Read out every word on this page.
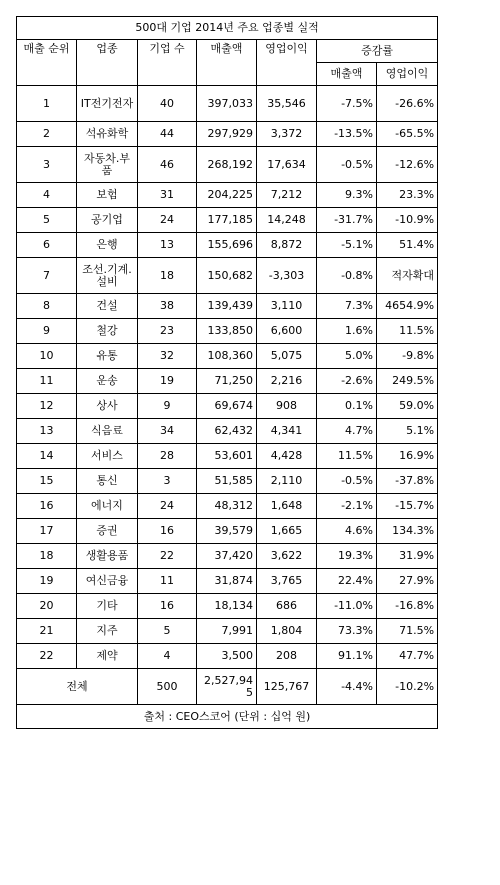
500대 기업 2014년 주요 업종별 실적						
매출 순위	업종	기업 수	매출액	영업이익	증감률	
					매출액	영업이익
1	IT전기전자	40	397,033	35,546	-7.5%	-26.6%
2	석유화학	44	297,929	3,372	-13.5%	-65.5%
3	자동차.부품	46	268,192	17,634	-0.5%	-12.6%
4	보험	31	204,225	7,212	9.3%	23.3%
5	공기업	24	177,185	14,248	-31.7%	-10.9%
6	은행	13	155,696	8,872	-5.1%	51.4%
7	조선.기계.설비	18	150,682	-3,303	-0.8%	적자확대
8	건설	38	139,439	3,110	7.3%	4654.9%
9	철강	23	133,850	6,600	1.6%	11.5%
10	유통	32	108,360	5,075	5.0%	-9.8%
11	운송	19	71,250	2,216	-2.6%	249.5%
12	상사	9	69,674	908	0.1%	59.0%
13	식음료	34	62,432	4,341	4.7%	5.1%
14	서비스	28	53,601	4,428	11.5%	16.9%
15	통신	3	51,585	2,110	-0.5%	-37.8%
16	에너지	24	48,312	1,648	-2.1%	-15.7%
17	증권	16	39,579	1,665	4.6%	134.3%
18	생활용품	22	37,420	3,622	19.3%	31.9%
19	여신금융	11	31,874	3,765	22.4%	27.9%
20	기타	16	18,134	686	-11.0%	-16.8%
21	지주	5	7,991	1,804	73.3%	71.5%
22	제약	4	3,500	208	91.1%	47.7%
전체		500	2,527,945	125,767	-4.4%	-10.2%
출처 : CEO스코어 (단위 : 십억 원)						
